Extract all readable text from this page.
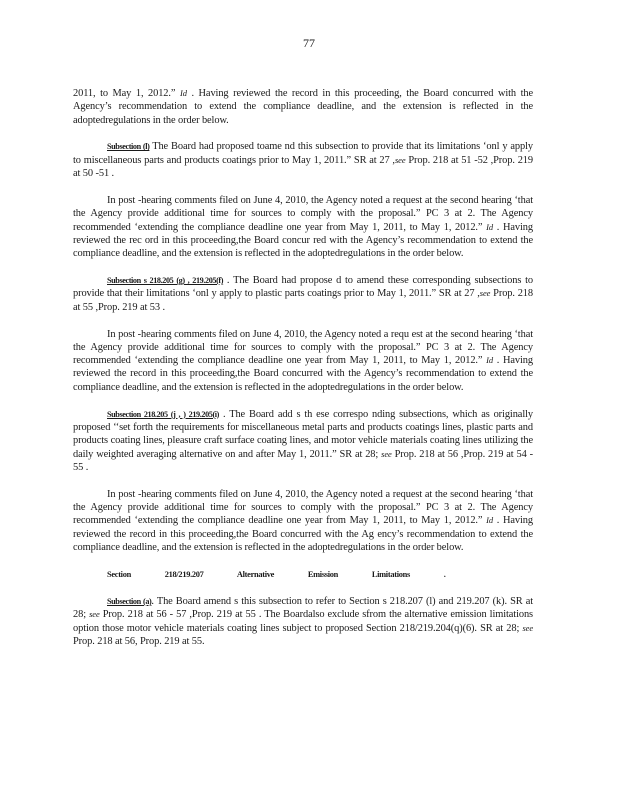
77

2011, to May 1, 2012.” Id . Having reviewed the record in this proceeding, the Board concurred with the Agency’s recommendation to extend the compliance deadline, and the extension is reflected in the adoptedregulations in the order below.

Subsection (l) The Board had proposed toame nd this subsection to provide that its limitations ‘onl y apply to miscellaneous parts and products coatings prior to May 1, 2011.” SR at 27 ,see Prop. 218 at 51 -52 ,Prop. 219 at 50 -51 .

In post -hearing comments filed on June 4, 2010, the Agency noted a request at the second hearing ‘that the Agency provide additional time for sources to comply with the proposal.” PC 3 at 2. The Agency recommended ‘extending the compliance deadline one year from May 1, 2011, to May 1, 2012.” Id . Having reviewed the rec ord in this proceeding,the Board concur red with the Agency’s recommendation to extend the compliance deadline, and the extension is reflected in the adoptedregulations in the order below.

Subsection s 218.205 (g) , 219.205(f) . The Board had propose d to amend these corresponding subsections to provide that their limitations ‘onl y apply to plastic parts coatings prior to May 1, 2011.” SR at 27 ,see Prop. 218 at 55 ,Prop. 219 at 53 .

In post -hearing comments filed on June 4, 2010, the Agency noted a requ est at the second hearing ‘that the Agency provide additional time for sources to comply with the proposal.” PC 3 at 2. The Agency recommended ‘extending the compliance deadline one year from May 1, 2011, to May 1, 2012.” Id . Having reviewed the record in this proceeding,the Board concurred with the Agency’s recommendation to extend the compliance deadline, and the extension is reflected in the adoptedregulations in the order below.

Subsection 218.205 (j , ) 219.205(i) . The Board add s th ese correspo nding subsections, which as originally proposed ‘‘set forth the requirements for miscellaneous metal parts and products coatings lines, plastic parts and products coating lines, pleasure craft surface coating lines, and motor vehicle materials coating lines utilizing the daily weighted averaging alternative on and after May 1, 2011.” SR at 28; see Prop. 218 at 56 ,Prop. 219 at 54 - 55 .

In post -hearing comments filed on June 4, 2010, the Agency noted a request at the second hearing ‘that the Agency provide additional time for sources to comply with the proposal.” PC 3 at 2. The Agency recommended ‘extending the compliance deadline one year from May 1, 2011, to May 1, 2012.” Id . Having reviewed the record in this proceeding,the Board concurred with the Ag ency’s recommendation to extend the compliance deadline, and the extension is reflected in the adoptedregulations in the order below.

Section 218/219.207 Alternative Emission Limitations .

Subsection (a). The Board amend s this subsection to refer to Section s 218.207 (l) and 219.207 (k). SR at 28; see Prop. 218 at 56 - 57 ,Prop. 219 at 55 . The Boardalso exclude sfrom the alternative emission limitations option those motor vehicle materials coating lines subject to proposed Section 218/219.204(q)(6). SR at 28; see Prop. 218 at 56, Prop. 219 at 55.
